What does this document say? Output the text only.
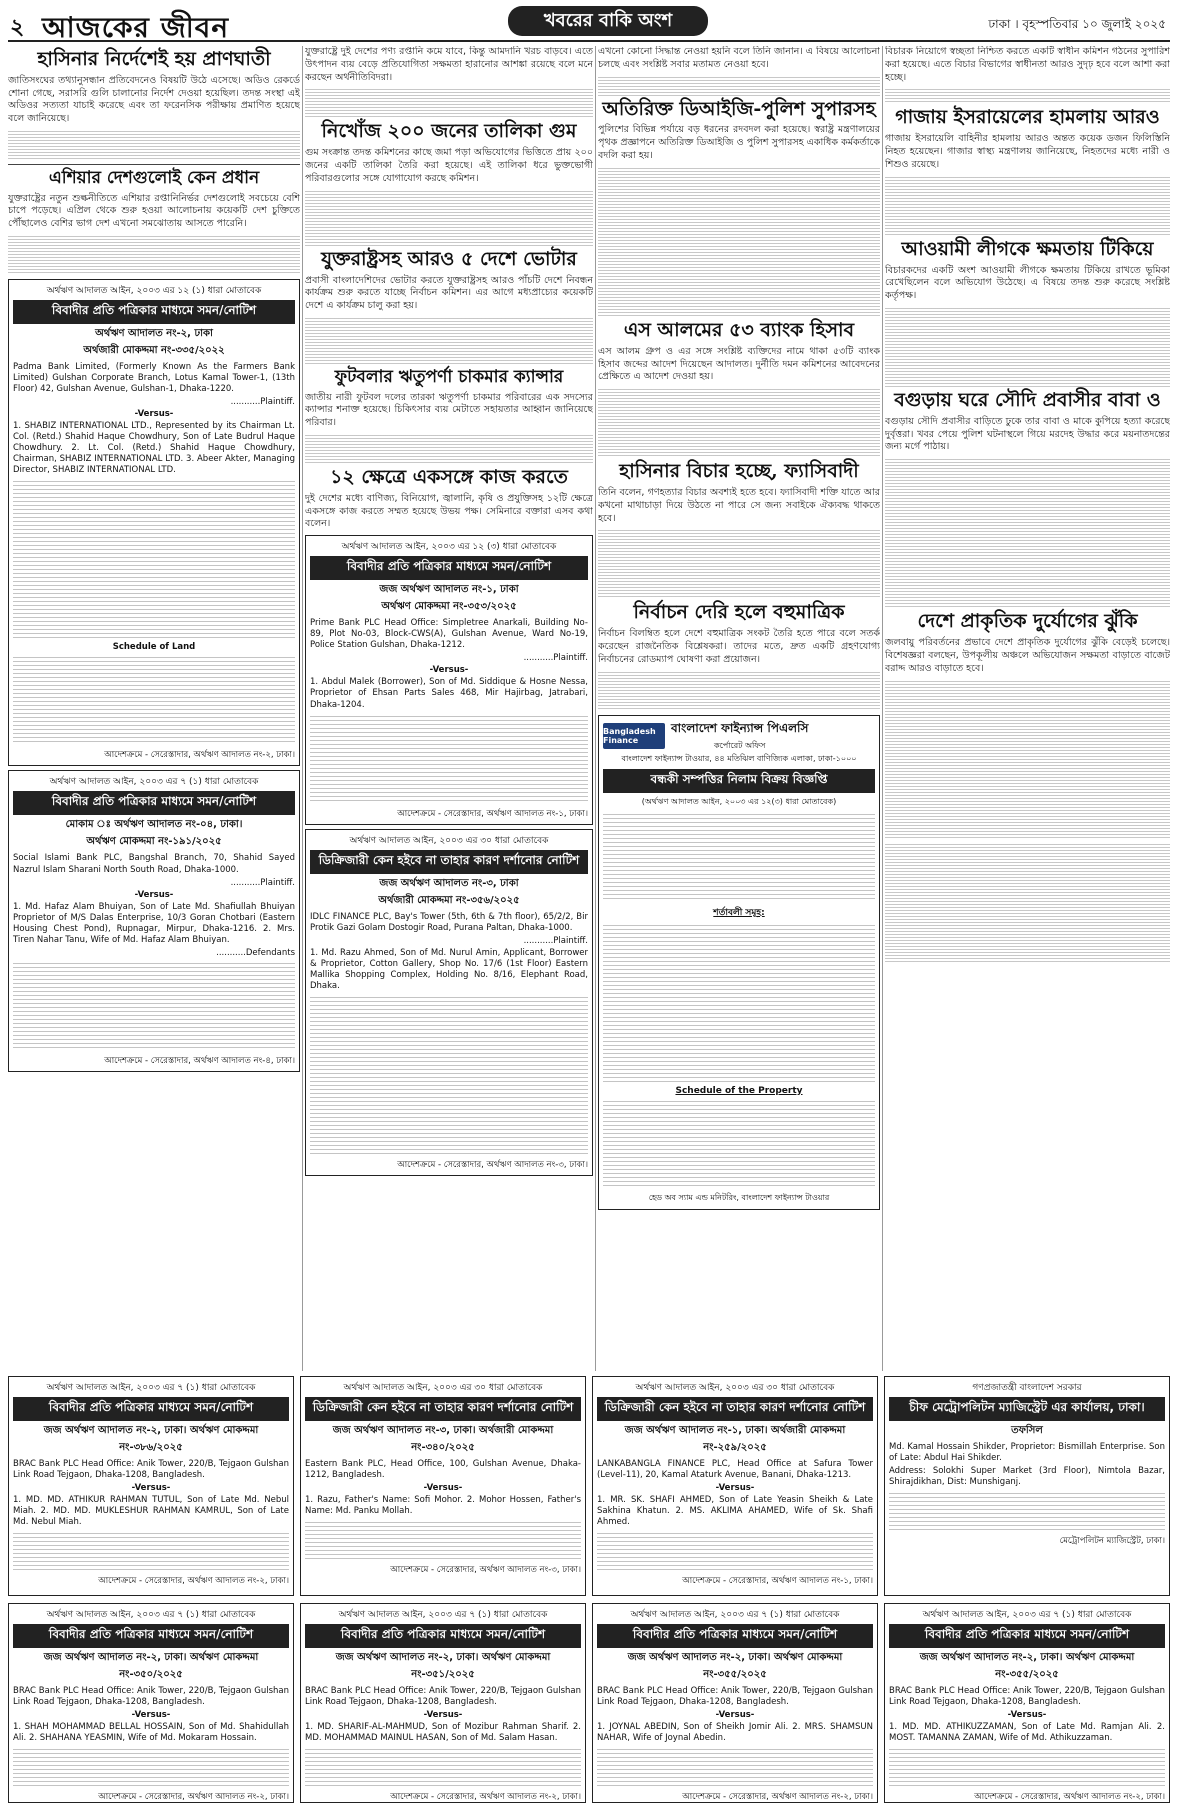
২ আজকের জীবন	খবরের বাকি অংশ	ঢাকা । বৃহস্পতিবার ১০ জুলাই ২০২৫
হাসিনার নির্দেশেই হয় প্রাণঘাতী

জাতিসংঘের তথ্যানুসন্ধান প্রতিবেদনেও বিষয়টি উঠে এসেছে। অডিও রেকর্ডে শোনা গেছে, সরাসরি গুলি চালানোর নির্দেশ দেওয়া হয়েছিল। তদন্ত সংস্থা এই অডিওর সত্যতা যাচাই করেছে এবং তা ফরেনসিক পরীক্ষায় প্রমাণিত হয়েছে বলে জানিয়েছে।

এশিয়ার দেশগুলোই কেন প্রধান

যুক্তরাষ্ট্রের নতুন শুল্কনীতিতে এশিয়ার রপ্তানিনির্ভর দেশগুলোই সবচেয়ে বেশি চাপে পড়েছে। এপ্রিল থেকে শুরু হওয়া আলোচনায় কয়েকটি দেশ চুক্তিতে পৌঁছালেও বেশির ভাগ দেশ এখনো সমঝোতায় আসতে পারেনি।

অর্থঋণ আদালত আইন, ২০০৩ এর ১২ (১) ধারা মোতাবেক
বিবাদীর প্রতি পত্রিকার মাধ্যমে সমন/নোটিশ
অর্থঋণ আদালত নং-২, ঢাকা
অর্থজারী মোকদ্দমা নং-৩৩৫/২০২২
Padma Bank Limited, (Formerly Known As the Farmers Bank Limited) Gulshan Corporate Branch, Lotus Kamal Tower-1, (13th Floor) 42, Gulshan Avenue, Gulshan-1, Dhaka-1220.
...........Plaintiff.
-Versus-
1. SHABIZ INTERNATIONAL LTD., Represented by its Chairman Lt. Col. (Retd.) Shahid Haque Chowdhury, Son of Late Budrul Haque Chowdhury. 2. Lt. Col. (Retd.) Shahid Haque Chowdhury, Chairman, SHABIZ INTERNATIONAL LTD. 3. Abeer Akter, Managing Director, SHABIZ INTERNATIONAL LTD.
Schedule of Land
আদেশক্রমে - সেরেস্তাদার, অর্থঋণ আদালত নং-২, ঢাকা।
অর্থঋণ আদালত আইন, ২০০৩ এর ৭ (১) ধারা মোতাবেক
বিবাদীর প্রতি পত্রিকার মাধ্যমে সমন/নোটিশ
মোকাম ঃ অর্থঋণ আদালত নং-০৪, ঢাকা।
অর্থঋণ মোকদ্দমা নং-১৯১/২০২৫
Social Islami Bank PLC, Bangshal Branch, 70, Shahid Sayed Nazrul Islam Sharani North South Road, Dhaka-1000.
...........Plaintiff.
-Versus-
1. Md. Hafaz Alam Bhuiyan, Son of Late Md. Shafiullah Bhuiyan Proprietor of M/S Dalas Enterprise, 10/3 Goran Chotbari (Eastern Housing Chest Pond), Rupnagar, Mirpur, Dhaka-1216. 2. Mrs. Tiren Nahar Tanu, Wife of Md. Hafaz Alam Bhuiyan.
...........Defendants
আদেশক্রমে - সেরেস্তাদার, অর্থঋণ আদালত নং-৪, ঢাকা।

যুক্তরাষ্ট্রে দুই দেশের পণ্য রপ্তানি কমে যাবে, কিন্তু আমদানি খরচ বাড়বে। এতে উৎপাদন ব্যয় বেড়ে প্রতিযোগিতা সক্ষমতা হারানোর আশঙ্কা রয়েছে বলে মনে করছেন অর্থনীতিবিদরা।

নিখোঁজ ২০০ জনের তালিকা গুম

গুম সংক্রান্ত তদন্ত কমিশনের কাছে জমা পড়া অভিযোগের ভিত্তিতে প্রায় ২০০ জনের একটি তালিকা তৈরি করা হয়েছে। এই তালিকা ধরে ভুক্তভোগী পরিবারগুলোর সঙ্গে যোগাযোগ করছে কমিশন।

যুক্তরাষ্ট্রসহ আরও ৫ দেশে ভোটার

প্রবাসী বাংলাদেশিদের ভোটার করতে যুক্তরাষ্ট্রসহ আরও পাঁচটি দেশে নিবন্ধন কার্যক্রম শুরু করতে যাচ্ছে নির্বাচন কমিশন। এর আগে মধ্যপ্রাচ্যের কয়েকটি দেশে এ কার্যক্রম চালু করা হয়।

ফুটবলার ঋতুপর্ণা চাকমার ক্যান্সার

জাতীয় নারী ফুটবল দলের তারকা ঋতুপর্ণা চাকমার পরিবারের এক সদস্যের ক্যান্সার শনাক্ত হয়েছে। চিকিৎসার ব্যয় মেটাতে সহায়তার আহ্বান জানিয়েছে পরিবার।

১২ ক্ষেত্রে একসঙ্গে কাজ করতে

দুই দেশের মধ্যে বাণিজ্য, বিনিয়োগ, জ্বালানি, কৃষি ও প্রযুক্তিসহ ১২টি ক্ষেত্রে একসঙ্গে কাজ করতে সম্মত হয়েছে উভয় পক্ষ। সেমিনারে বক্তারা এসব কথা বলেন।

অর্থঋণ আদালত আইন, ২০০৩ এর ১২ (৩) ধারা মোতাবেক
বিবাদীর প্রতি পত্রিকার মাধ্যমে সমন/নোটিশ
জজ অর্থঋণ আদালত নং-১, ঢাকা
অর্থঋণ মোকদ্দমা নং-৩৫৩/২০২৫
Prime Bank PLC Head Office: Simpletree Anarkali, Building No-89, Plot No-03, Block-CWS(A), Gulshan Avenue, Ward No-19, Police Station Gulshan, Dhaka-1212.
...........Plaintiff.
-Versus-
1. Abdul Malek (Borrower), Son of Md. Siddique & Hosne Nessa, Proprietor of Ehsan Parts Sales 468, Mir Hajirbag, Jatrabari, Dhaka-1204.
আদেশক্রমে - সেরেস্তাদার, অর্থঋণ আদালত নং-১, ঢাকা।
অর্থঋণ আদালত আইন, ২০০৩ এর ৩০ ধারা মোতাবেক
ডিক্রিজারী কেন হইবে না তাহার কারণ দর্শানোর নোটিশ
জজ অর্থঋণ আদালত নং-৩, ঢাকা
অর্থজারী মোকদ্দমা নং-৩৫৬/২০২৫
IDLC FINANCE PLC, Bay's Tower (5th, 6th & 7th floor), 65/2/2, Bir Protik Gazi Golam Dostogir Road, Purana Paltan, Dhaka-1000.
...........Plaintiff.
1. Md. Razu Ahmed, Son of Md. Nurul Amin, Applicant, Borrower & Proprietor, Cotton Gallery, Shop No. 17/6 (1st Floor) Eastern Mallika Shopping Complex, Holding No. 8/16, Elephant Road, Dhaka.
আদেশক্রমে - সেরেস্তাদার, অর্থঋণ আদালত নং-৩, ঢাকা।

এখনো কোনো সিদ্ধান্ত নেওয়া হয়নি বলে তিনি জানান। এ বিষয়ে আলোচনা চলছে এবং সংশ্লিষ্ট সবার মতামত নেওয়া হবে।

অতিরিক্ত ডিআইজি-পুলিশ সুপারসহ

পুলিশের বিভিন্ন পর্যায়ে বড় ধরনের রদবদল করা হয়েছে। স্বরাষ্ট্র মন্ত্রণালয়ের পৃথক প্রজ্ঞাপনে অতিরিক্ত ডিআইজি ও পুলিশ সুপারসহ একাধিক কর্মকর্তাকে বদলি করা হয়।

এস আলমের ৫৩ ব্যাংক হিসাব

এস আলম গ্রুপ ও এর সঙ্গে সংশ্লিষ্ট ব্যক্তিদের নামে থাকা ৫৩টি ব্যাংক হিসাব জব্দের আদেশ দিয়েছেন আদালত। দুর্নীতি দমন কমিশনের আবেদনের প্রেক্ষিতে এ আদেশ দেওয়া হয়।

হাসিনার বিচার হচ্ছে, ফ্যাসিবাদী

তিনি বলেন, গণহত্যার বিচার অবশ্যই হতে হবে। ফ্যাসিবাদী শক্তি যাতে আর কখনো মাথাচাড়া দিয়ে উঠতে না পারে সে জন্য সবাইকে ঐক্যবদ্ধ থাকতে হবে।

নির্বাচন দেরি হলে বহুমাত্রিক

নির্বাচন বিলম্বিত হলে দেশে বহুমাত্রিক সংকট তৈরি হতে পারে বলে সতর্ক করেছেন রাজনৈতিক বিশ্লেষকরা। তাদের মতে, দ্রুত একটি গ্রহণযোগ্য নির্বাচনের রোডম্যাপ ঘোষণা করা প্রয়োজন।

Bangladesh Finance
বাংলাদেশ ফাইন্যান্স পিএলসি
কর্পোরেট অফিস
বাংলাদেশ ফাইন্যান্স টাওয়ার, ৪৪ মতিঝিল বাণিজ্যিক এলাকা, ঢাকা-১০০০
বন্ধকী সম্পত্তির নিলাম বিক্রয় বিজ্ঞপ্তি
(অর্থঋণ আদালত আইন, ২০০৩ এর ১২(৩) ধারা মোতাবেক)
শর্তাবলী সমূহ:
Schedule of the Property
হেড অব স্যাম এন্ড মনিটরিং, বাংলাদেশ ফাইন্যান্স টাওয়ার

বিচারক নিয়োগে স্বচ্ছতা নিশ্চিত করতে একটি স্বাধীন কমিশন গঠনের সুপারিশ করা হয়েছে। এতে বিচার বিভাগের স্বাধীনতা আরও সুদৃঢ় হবে বলে আশা করা হচ্ছে।

গাজায় ইসরায়েলের হামলায় আরও

গাজায় ইসরায়েলি বাহিনীর হামলায় আরও অন্তত কয়েক ডজন ফিলিস্তিনি নিহত হয়েছেন। গাজার স্বাস্থ্য মন্ত্রণালয় জানিয়েছে, নিহতদের মধ্যে নারী ও শিশুও রয়েছে।

আওয়ামী লীগকে ক্ষমতায় টিকিয়ে

বিচারকদের একটি অংশ আওয়ামী লীগকে ক্ষমতায় টিকিয়ে রাখতে ভূমিকা রেখেছিলেন বলে অভিযোগ উঠেছে। এ বিষয়ে তদন্ত শুরু করেছে সংশ্লিষ্ট কর্তৃপক্ষ।

বগুড়ায় ঘরে সৌদি প্রবাসীর বাবা ও

বগুড়ায় সৌদি প্রবাসীর বাড়িতে ঢুকে তার বাবা ও মাকে কুপিয়ে হত্যা করেছে দুর্বৃত্তরা। খবর পেয়ে পুলিশ ঘটনাস্থলে গিয়ে মরদেহ উদ্ধার করে ময়নাতদন্তের জন্য মর্গে পাঠায়।

দেশে প্রাকৃতিক দুর্যোগের ঝুঁকি

জলবায়ু পরিবর্তনের প্রভাবে দেশে প্রাকৃতিক দুর্যোগের ঝুঁকি বেড়েই চলেছে। বিশেষজ্ঞরা বলছেন, উপকূলীয় অঞ্চলে অভিযোজন সক্ষমতা বাড়াতে বাজেট বরাদ্দ আরও বাড়াতে হবে।

অর্থঋণ আদালত আইন, ২০০৩ এর ৭ (১) ধারা মোতাবেক
বিবাদীর প্রতি পত্রিকার মাধ্যমে সমন/নোটিশ
জজ অর্থঋণ আদালত নং-২, ঢাকা। অর্থঋণ মোকদ্দমা নং-৩৮৬/২০২৫
BRAC Bank PLC Head Office: Anik Tower, 220/B, Tejgaon Gulshan Link Road Tejgaon, Dhaka-1208, Bangladesh.
-Versus-
1. MD. MD. ATHIKUR RAHMAN TUTUL, Son of Late Md. Nebul Miah. 2. MD. MD. MUKLESHUR RAHMAN KAMRUL, Son of Late Md. Nebul Miah.
আদেশক্রমে - সেরেস্তাদার, অর্থঋণ আদালত নং-২, ঢাকা।
অর্থঋণ আদালত আইন, ২০০৩ এর ৩০ ধারা মোতাবেক
ডিক্রিজারী কেন হইবে না তাহার কারণ দর্শানোর নোটিশ
জজ অর্থঋণ আদালত নং-৩, ঢাকা। অর্থজারী মোকদ্দমা নং-৩৪০/২০২৫
Eastern Bank PLC, Head Office, 100, Gulshan Avenue, Dhaka-1212, Bangladesh.
-Versus-
1. Razu, Father's Name: Sofi Mohor. 2. Mohor Hossen, Father's Name: Md. Panku Mollah.
আদেশক্রমে - সেরেস্তাদার, অর্থঋণ আদালত নং-৩, ঢাকা।
অর্থঋণ আদালত আইন, ২০০৩ এর ৩০ ধারা মোতাবেক
ডিক্রিজারী কেন হইবে না তাহার কারণ দর্শানোর নোটিশ
জজ অর্থঋণ আদালত নং-১, ঢাকা। অর্থজারী মোকদ্দমা নং-২৫৯/২০২৫
LANKABANGLA FINANCE PLC, Head Office at Safura Tower (Level-11), 20, Kamal Ataturk Avenue, Banani, Dhaka-1213.
-Versus-
1. MR. SK. SHAFI AHMED, Son of Late Yeasin Sheikh & Late Sakhina Khatun. 2. MS. AKLIMA AHAMED, Wife of Sk. Shafi Ahmed.
আদেশক্রমে - সেরেস্তাদার, অর্থঋণ আদালত নং-১, ঢাকা।
গণপ্রজাতন্ত্রী বাংলাদেশ সরকার
চীফ মেট্রোপলিটন ম্যাজিস্ট্রেট এর কার্যালয়, ঢাকা।
তফসিল
Md. Kamal Hossain Shikder, Proprietor: Bismillah Enterprise. Son of Late: Abdul Hai Shikder.
Address: Solokhi Super Market (3rd Floor), Nimtola Bazar, Shirajdikhan, Dist: Munshiganj.
মেট্রোপলিটন ম্যাজিস্ট্রেট, ঢাকা।
অর্থঋণ আদালত আইন, ২০০৩ এর ৭ (১) ধারা মোতাবেক
বিবাদীর প্রতি পত্রিকার মাধ্যমে সমন/নোটিশ
জজ অর্থঋণ আদালত নং-২, ঢাকা। অর্থঋণ মোকদ্দমা নং-৩৫০/২০২৫
BRAC Bank PLC Head Office: Anik Tower, 220/B, Tejgaon Gulshan Link Road Tejgaon, Dhaka-1208, Bangladesh.
-Versus-
1. SHAH MOHAMMAD BELLAL HOSSAIN, Son of Md. Shahidullah Ali. 2. SHAHANA YEASMIN, Wife of Md. Mokaram Hossain.
আদেশক্রমে - সেরেস্তাদার, অর্থঋণ আদালত নং-২, ঢাকা।
অর্থঋণ আদালত আইন, ২০০৩ এর ৭ (১) ধারা মোতাবেক
বিবাদীর প্রতি পত্রিকার মাধ্যমে সমন/নোটিশ
জজ অর্থঋণ আদালত নং-২, ঢাকা। অর্থঋণ মোকদ্দমা নং-৩৫১/২০২৫
BRAC Bank PLC Head Office: Anik Tower, 220/B, Tejgaon Gulshan Link Road Tejgaon, Dhaka-1208, Bangladesh.
-Versus-
1. MD. SHARIF-AL-MAHMUD, Son of Mozibur Rahman Sharif. 2. MD. MOHAMMAD MAINUL HASAN, Son of Md. Salam Hasan.
আদেশক্রমে - সেরেস্তাদার, অর্থঋণ আদালত নং-২, ঢাকা।
অর্থঋণ আদালত আইন, ২০০৩ এর ৭ (১) ধারা মোতাবেক
বিবাদীর প্রতি পত্রিকার মাধ্যমে সমন/নোটিশ
জজ অর্থঋণ আদালত নং-২, ঢাকা। অর্থঋণ মোকদ্দমা নং-৩৫৫/২০২৫
BRAC Bank PLC Head Office: Anik Tower, 220/B, Tejgaon Gulshan Link Road Tejgaon, Dhaka-1208, Bangladesh.
-Versus-
1. JOYNAL ABEDIN, Son of Sheikh Jomir Ali. 2. MRS. SHAMSUN NAHAR, Wife of Joynal Abedin.
আদেশক্রমে - সেরেস্তাদার, অর্থঋণ আদালত নং-২, ঢাকা।
অর্থঋণ আদালত আইন, ২০০৩ এর ৭ (১) ধারা মোতাবেক
বিবাদীর প্রতি পত্রিকার মাধ্যমে সমন/নোটিশ
জজ অর্থঋণ আদালত নং-২, ঢাকা। অর্থঋণ মোকদ্দমা নং-৩৫৫/২০২৫
BRAC Bank PLC Head Office: Anik Tower, 220/B, Tejgaon Gulshan Link Road Tejgaon, Dhaka-1208, Bangladesh.
-Versus-
1. MD. MD. ATHIKUZZAMAN, Son of Late Md. Ramjan Ali. 2. MOST. TAMANNA ZAMAN, Wife of Md. Athikuzzaman.
আদেশক্রমে - সেরেস্তাদার, অর্থঋণ আদালত নং-২, ঢাকা।
